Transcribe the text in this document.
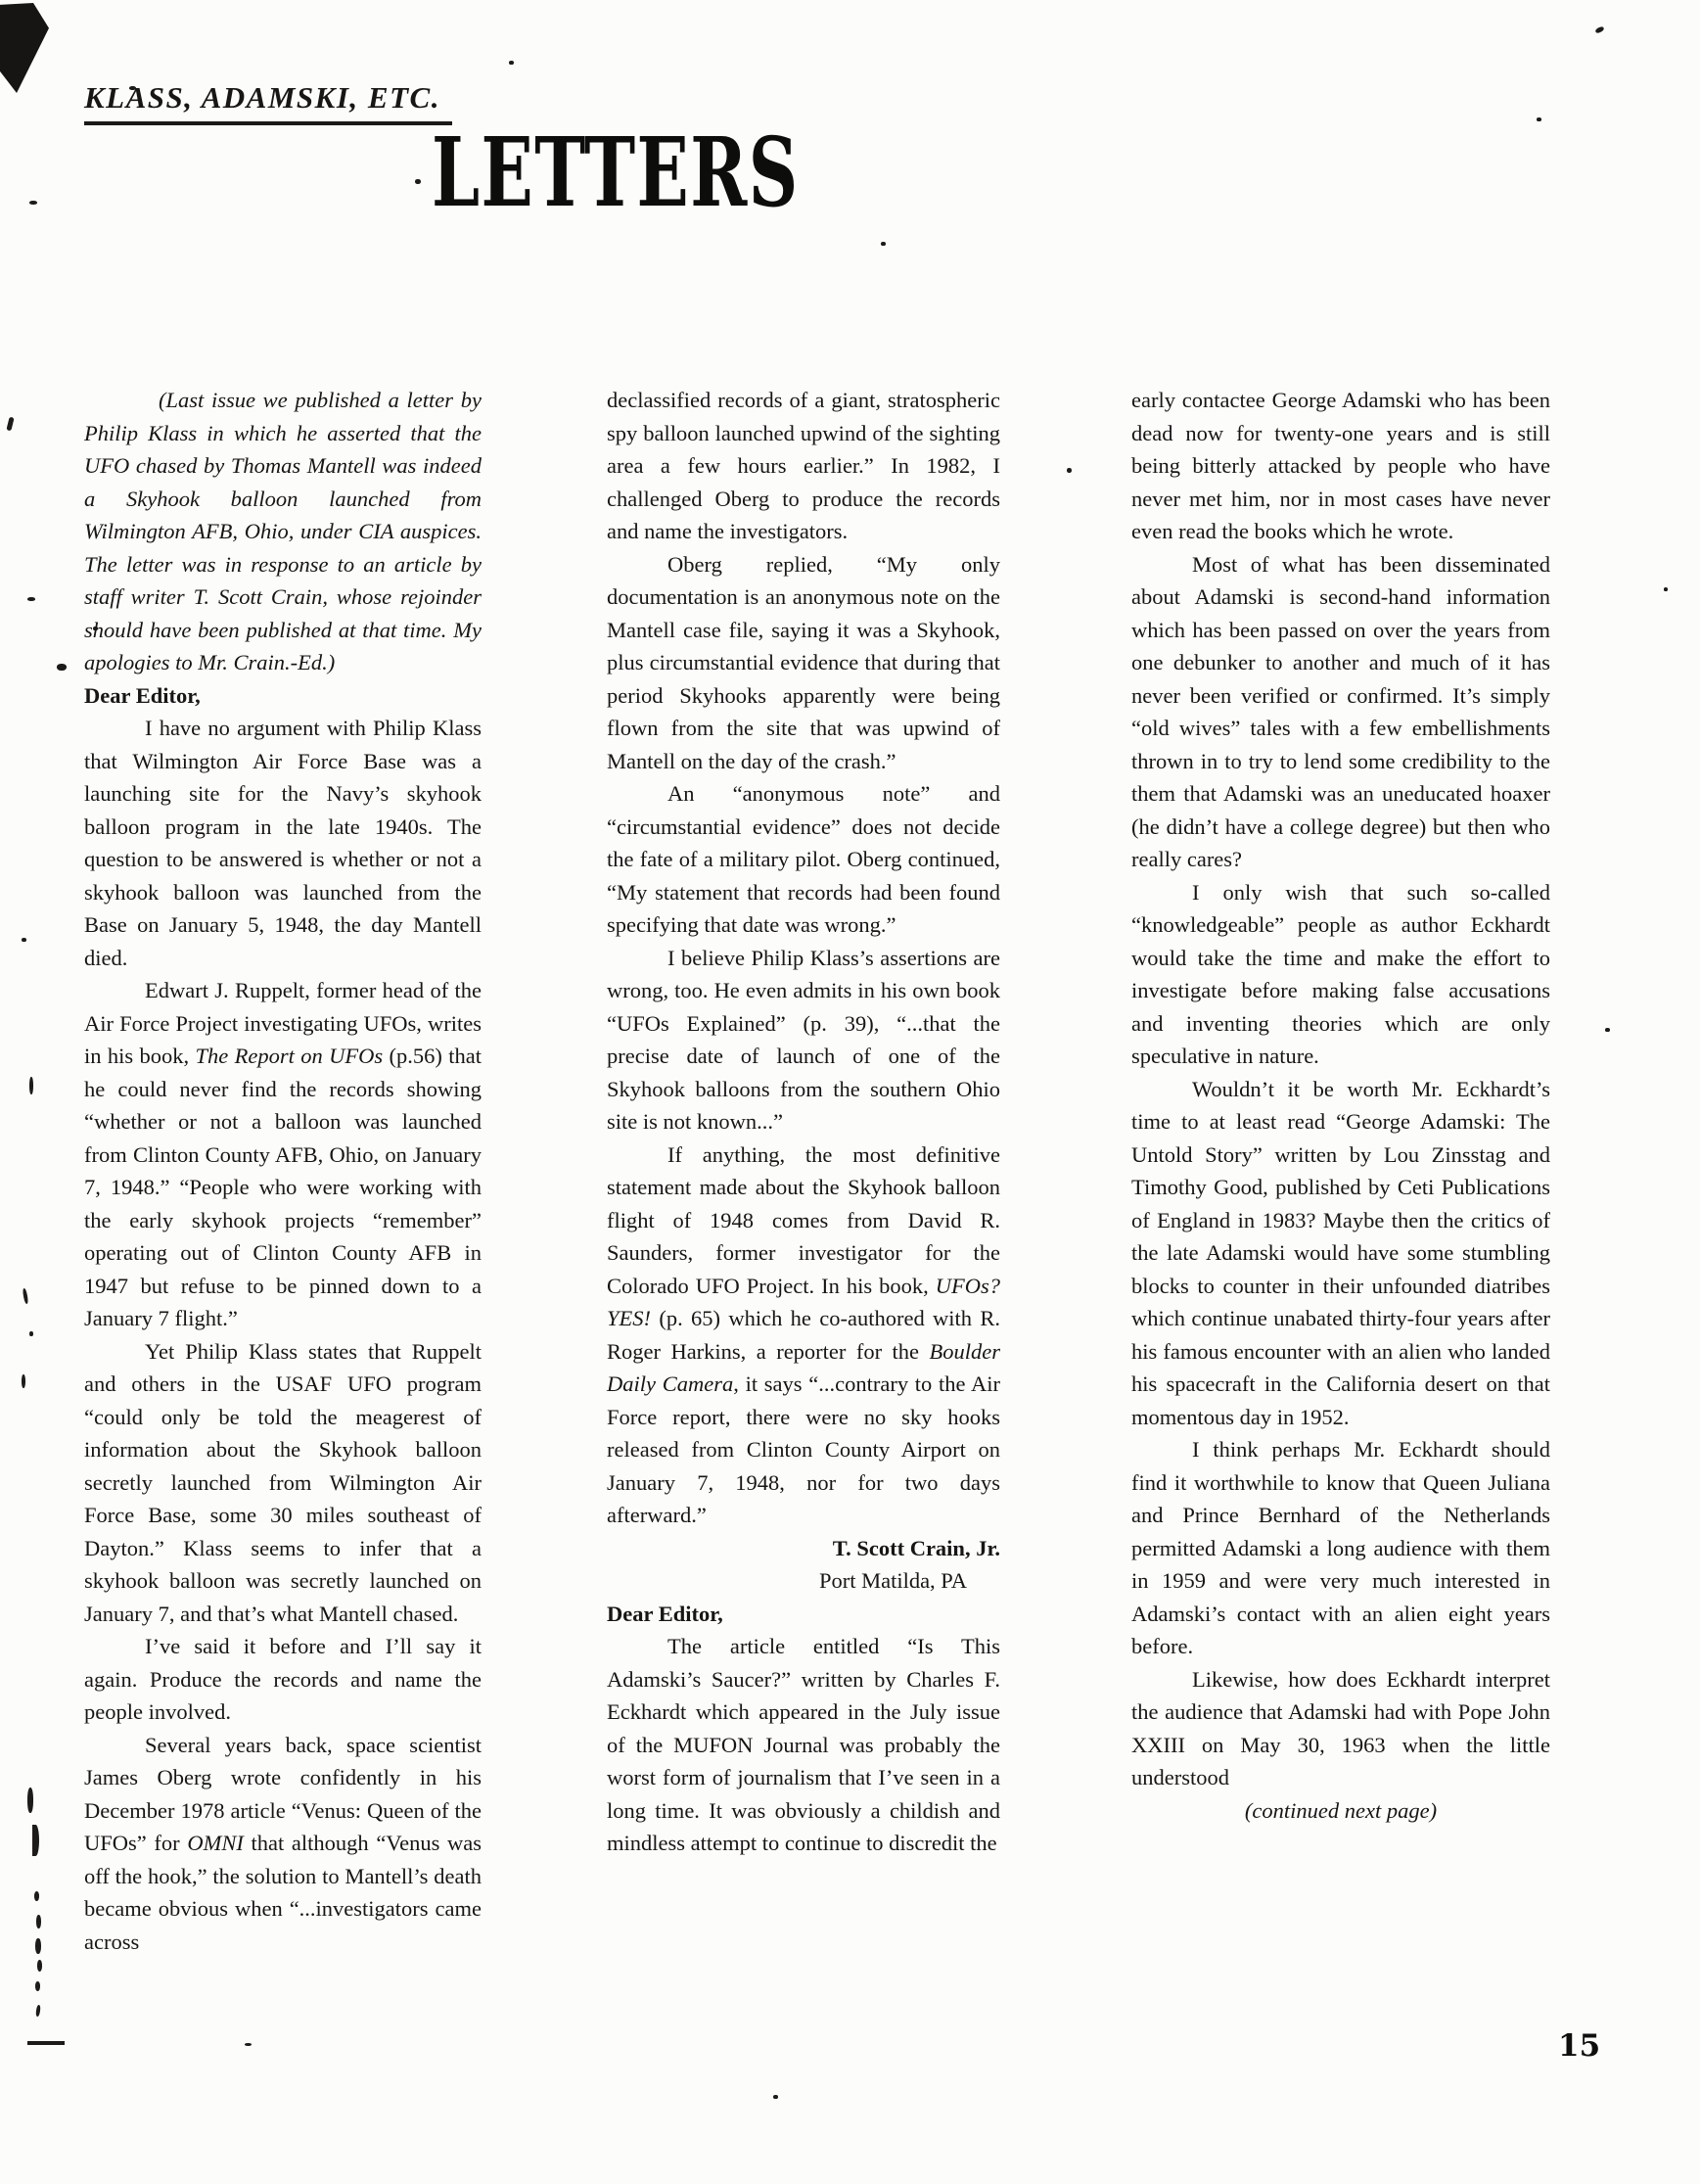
KLASS, ADAMSKI, ETC.
LETTERS

(Last issue we published a letter by Philip Klass in which he asserted that the UFO chased by Thomas Mantell was indeed a Skyhook balloon launched from Wilmington AFB, Ohio, under CIA auspices. The letter was in response to an article by staff writer T. Scott Crain, whose rejoinder should have been published at that time. My apologies to Mr. Crain.-Ed.)

Dear Editor,

I have no argument with Philip Klass that Wilmington Air Force Base was a launching site for the Navy’s skyhook balloon program in the late 1940s. The question to be answered is whether or not a skyhook balloon was launched from the Base on January 5, 1948, the day Mantell died.

Edwart J. Ruppelt, former head of the Air Force Project investigating UFOs, writes in his book, The Report on UFOs (p.56) that he could never find the records showing “whether or not a balloon was launched from Clinton County AFB, Ohio, on January 7, 1948.” “People who were working with the early skyhook projects “remember” operating out of Clinton County AFB in 1947 but refuse to be pinned down to a January 7 flight.”

Yet Philip Klass states that Ruppelt and others in the USAF UFO program “could only be told the meagerest of information about the Skyhook balloon secretly launched from Wilmington Air Force Base, some 30 miles southeast of Dayton.” Klass seems to infer that a skyhook balloon was secretly launched on January 7, and that’s what Mantell chased.

I’ve said it before and I’ll say it again. Produce the records and name the people involved.

Several years back, space scientist James Oberg wrote confidently in his December 1978 article “Venus: Queen of the UFOs” for OMNI that although “Venus was off the hook,” the solution to Mantell’s death became obvious when “...investigators came across

declassified records of a giant, stratospheric spy balloon launched upwind of the sighting area a few hours earlier.” In 1982, I challenged Oberg to produce the records and name the investigators.

Oberg replied, “My only documentation is an anonymous note on the Mantell case file, saying it was a Skyhook, plus circumstantial evidence that during that period Skyhooks apparently were being flown from the site that was upwind of Mantell on the day of the crash.”

An “anonymous note” and “circumstantial evidence” does not decide the fate of a military pilot. Oberg continued, “My statement that records had been found specifying that date was wrong.”

I believe Philip Klass’s assertions are wrong, too. He even admits in his own book “UFOs Explained” (p. 39), “...that the precise date of launch of one of the Skyhook balloons from the southern Ohio site is not known...”

If anything, the most definitive statement made about the Skyhook balloon flight of 1948 comes from David R. Saunders, former investigator for the Colorado UFO Project. In his book, UFOs? YES! (p. 65) which he co-authored with R. Roger Harkins, a reporter for the Boulder Daily Camera, it says “...contrary to the Air Force report, there were no sky hooks released from Clinton County Airport on January 7, 1948, nor for two days afterward.”

T. Scott Crain, Jr.

Port Matilda, PA

Dear Editor,

The article entitled “Is This Adamski’s Saucer?” written by Charles F. Eckhardt which appeared in the July issue of the MUFON Journal was probably the worst form of journalism that I’ve seen in a long time. It was obviously a childish and mindless attempt to continue to discredit the

early contactee George Adamski who has been dead now for twenty-one years and is still being bitterly attacked by people who have never met him, nor in most cases have never even read the books which he wrote.

Most of what has been disseminated about Adamski is second-hand information which has been passed on over the years from one debunker to another and much of it has never been verified or confirmed. It’s simply “old wives” tales with a few embellishments thrown in to try to lend some credibility to the them that Adamski was an uneducated hoaxer (he didn’t have a college degree) but then who really cares?

I only wish that such so-called “knowledgeable” people as author Eckhardt would take the time and make the effort to investigate before making false accusations and inventing theories which are only speculative in nature.

Wouldn’t it be worth Mr. Eckhardt’s time to at least read “George Adamski: The Untold Story” written by Lou Zinsstag and Timothy Good, published by Ceti Publications of England in 1983? Maybe then the critics of the late Adamski would have some stumbling blocks to counter in their unfounded diatribes which continue unabated thirty-four years after his famous encounter with an alien who landed his spacecraft in the California desert on that momentous day in 1952.

I think perhaps Mr. Eckhardt should find it worthwhile to know that Queen Juliana and Prince Bernhard of the Netherlands permitted Adamski a long audience with them in 1959 and were very much interested in Adamski’s contact with an alien eight years before.

Likewise, how does Eckhardt interpret the audience that Adamski had with Pope John XXIII on May 30, 1963 when the little understood

(continued next page)

15
